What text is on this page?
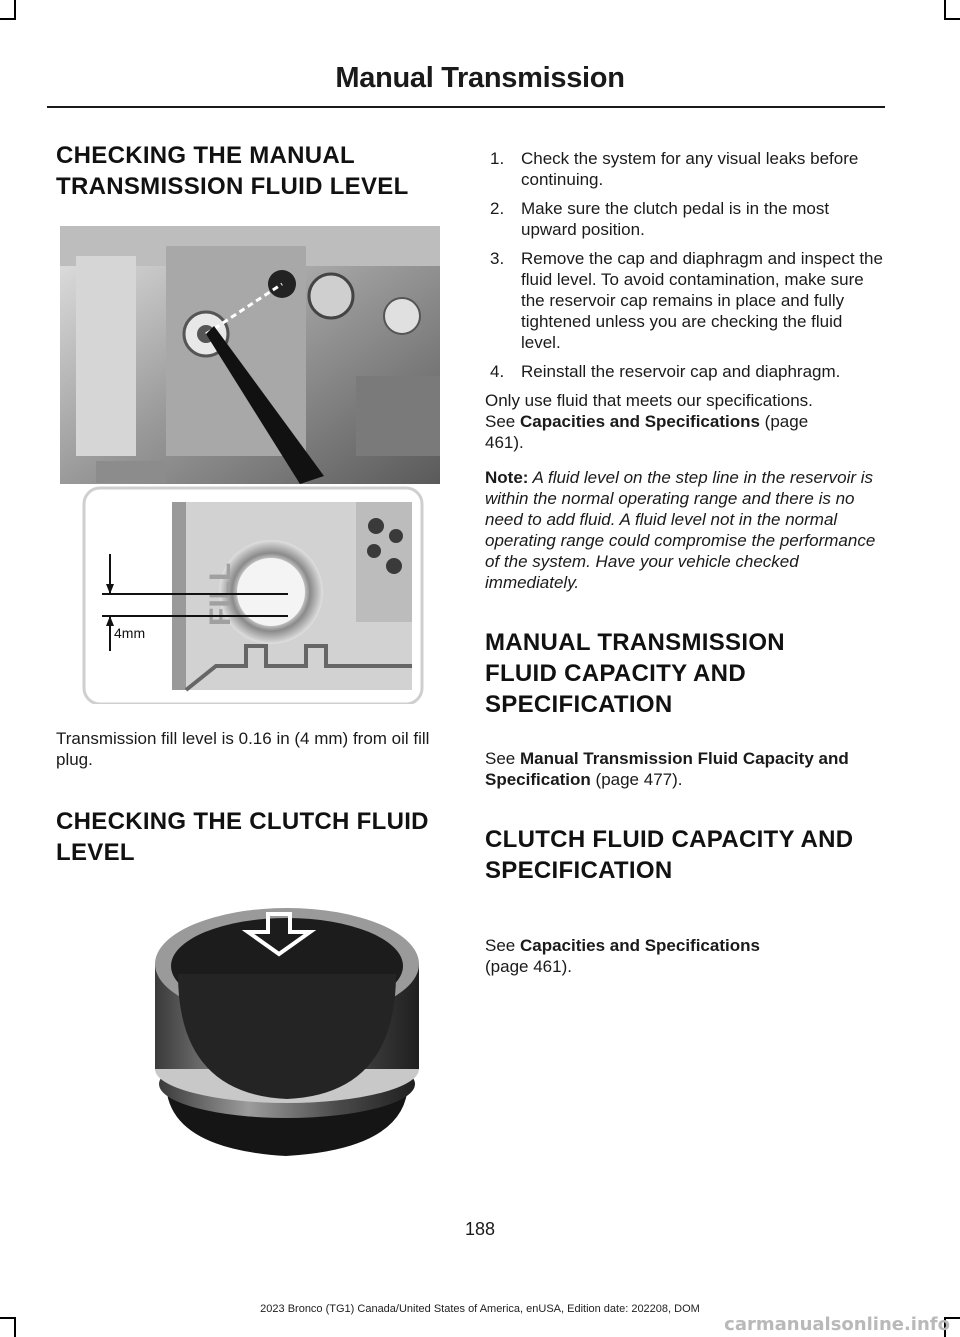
Manual Transmission
CHECKING THE MANUAL TRANSMISSION FLUID LEVEL
FILL
4mm

Transmission fill level is 0.16 in (4 mm) from oil fill plug.

CHECKING THE CLUTCH FLUID LEVEL
1. Check the system for any visual leaks before continuing.
2. Make sure the clutch pedal is in the most upward position.
3. Remove the cap and diaphragm and inspect the fluid level. To avoid contamination, make sure the reservoir cap remains in place and fully tightened unless you are checking the fluid level.
4. Reinstall the reservoir cap and diaphragm.

Only use fluid that meets our specifications. See Capacities and Specifications (page 461).

Note: A fluid level on the step line in the reservoir is within the normal operating range and there is no need to add fluid. A fluid level not in the normal operating range could compromise the performance of the system. Have your vehicle checked immediately.

MANUAL TRANSMISSION FLUID CAPACITY AND SPECIFICATION

See Manual Transmission Fluid Capacity and Specification (page 477).

CLUTCH FLUID CAPACITY AND SPECIFICATION

See Capacities and Specifications
(page 461).

188
2023 Bronco (TG1) Canada/United States of America, enUSA, Edition date: 202208, DOM
carmanualsonline.info
